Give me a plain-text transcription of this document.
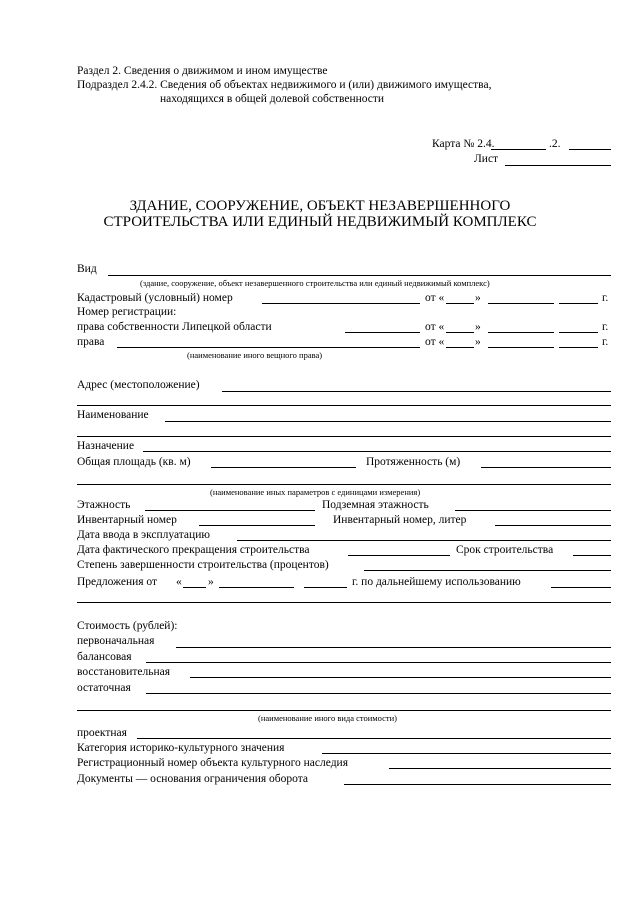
Раздел 2. Сведения о движимом и ином имуществе
Подраздел 2.4.2. Сведения об объектах недвижимого и (или) движимого имущества,
находящихся в общей долевой собственности
Карта № 2.4.	.2.
Лист
ЗДАНИЕ, СООРУЖЕНИЕ, ОБЪЕКТ НЕЗАВЕРШЕННОГО
СТРОИТЕЛЬСТВА ИЛИ ЕДИНЫЙ НЕДВИЖИМЫЙ КОМПЛЕКС
Вид
(здание, сооружение, объект незавершенного строительства или единый недвижимый комплекс)
Кадастровый (условный) номер	от «	»	г.
Номер регистрации:
права собственности Липецкой области	от «	»	г.
права	от «	»	г.
(наименование иного вещного права)
Адрес (местоположение)
Наименование
Назначение
Общая площадь (кв. м)	Протяженность (м)
(наименование иных параметров с единицами измерения)
Этажность	Подземная этажность
Инвентарный номер	Инвентарный номер, литер
Дата ввода в эксплуатацию
Дата фактического прекращения строительства	Срок строительства
Степень завершенности строительства (процентов)
Предложения от « »	г. по дальнейшему использованию
Стоимость (рублей):
первоначальная
балансовая
восстановительная
остаточная
(наименование иного вида стоимости)
проектная
Категория историко-культурного значения
Регистрационный номер объекта культурного наследия
Документы — основания ограничения оборота
